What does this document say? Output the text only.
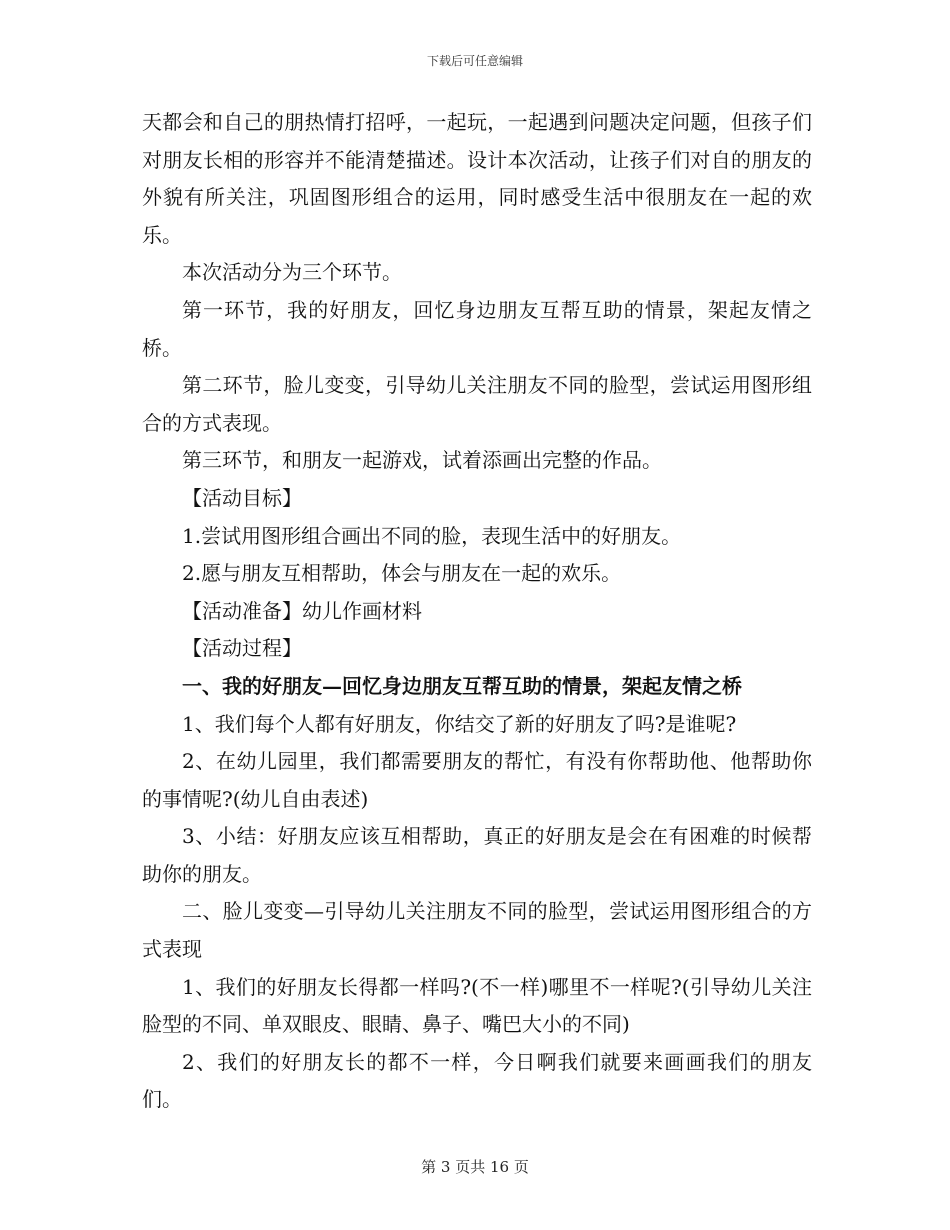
下载后可任意编辑

天都会和自己的朋热情打招呼，一起玩，一起遇到问题决定问题，但孩子们对朋友长相的形容并不能清楚描述。设计本次活动，让孩子们对自的朋友的外貌有所关注，巩固图形组合的运用，同时感受生活中很朋友在一起的欢乐。

本次活动分为三个环节。

第一环节，我的好朋友，回忆身边朋友互帮互助的情景，架起友情之桥。

第二环节，脸儿变变，引导幼儿关注朋友不同的脸型，尝试运用图形组合的方式表现。

第三环节，和朋友一起游戏，试着添画出完整的作品。

【活动目标】

1.尝试用图形组合画出不同的脸，表现生活中的好朋友。

2.愿与朋友互相帮助，体会与朋友在一起的欢乐。

【活动准备】幼儿作画材料

【活动过程】

一、我的好朋友—回忆身边朋友互帮互助的情景，架起友情之桥

1、我们每个人都有好朋友，你结交了新的好朋友了吗?是谁呢?

2、在幼儿园里，我们都需要朋友的帮忙，有没有你帮助他、他帮助你的事情呢?(幼儿自由表述)

3、小结：好朋友应该互相帮助，真正的好朋友是会在有困难的时候帮助你的朋友。

二、脸儿变变—引导幼儿关注朋友不同的脸型，尝试运用图形组合的方式表现

1、我们的好朋友长得都一样吗?(不一样)哪里不一样呢?(引导幼儿关注脸型的不同、单双眼皮、眼睛、鼻子、嘴巴大小的不同)

2、我们的好朋友长的都不一样，今日啊我们就要来画画我们的朋友们。

第 3 页共 16 页
